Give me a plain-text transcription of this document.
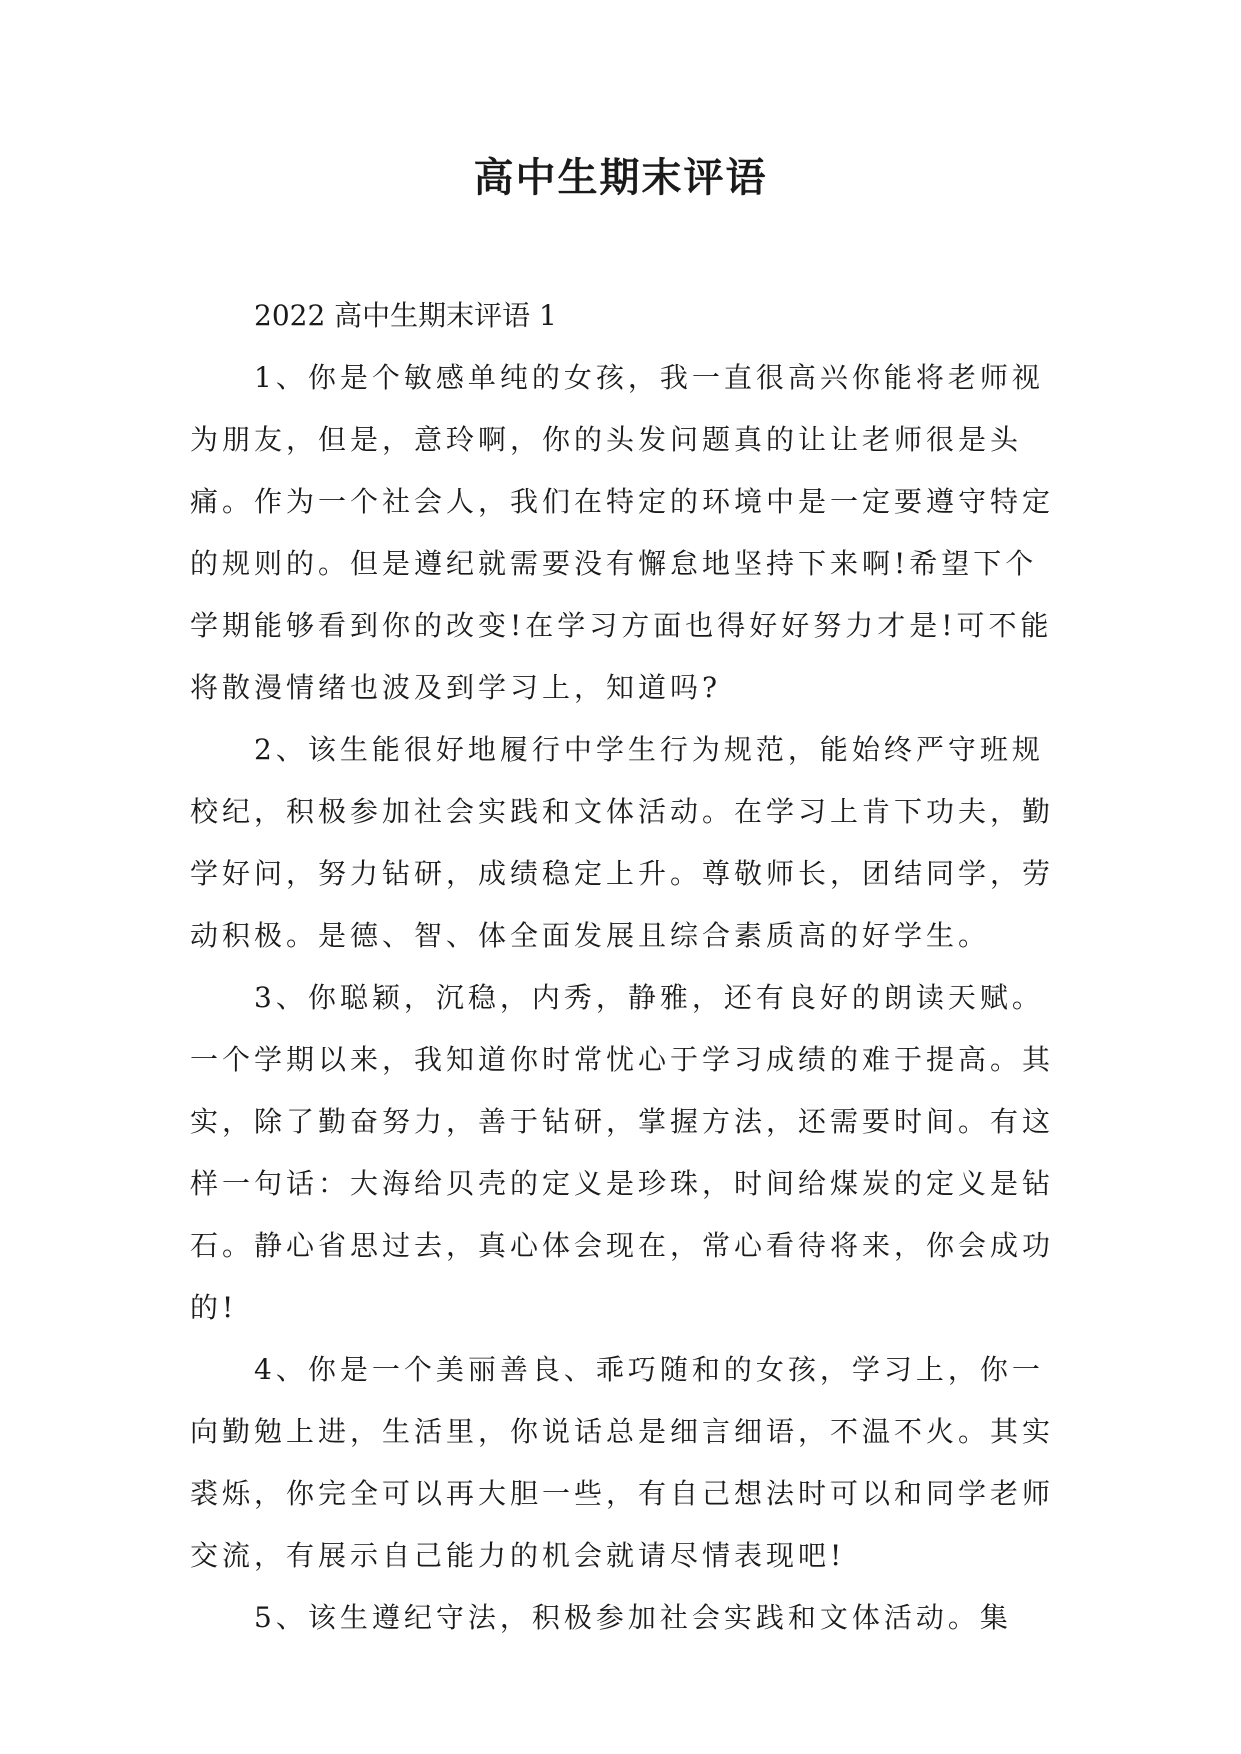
高中生期末评语

2022 高中生期末评语 1

1、你是个敏感单纯的女孩，我一直很高兴你能将老师视为朋友，但是，意玲啊，你的头发问题真的让让老师很是头痛。作为一个社会人，我们在特定的环境中是一定要遵守特定的规则的。但是遵纪就需要没有懈怠地坚持下来啊!希望下个学期能够看到你的改变!在学习方面也得好好努力才是!可不能将散漫情绪也波及到学习上，知道吗?

2、该生能很好地履行中学生行为规范，能始终严守班规校纪，积极参加社会实践和文体活动。在学习上肯下功夫，勤学好问，努力钻研，成绩稳定上升。尊敬师长，团结同学，劳动积极。是德、智、体全面发展且综合素质高的好学生。

3、你聪颖，沉稳，内秀，静雅，还有良好的朗读天赋。一个学期以来，我知道你时常忧心于学习成绩的难于提高。其实，除了勤奋努力，善于钻研，掌握方法，还需要时间。有这样一句话：大海给贝壳的定义是珍珠，时间给煤炭的定义是钻石。静心省思过去，真心体会现在，常心看待将来，你会成功的!

4、你是一个美丽善良、乖巧随和的女孩，学习上，你一向勤勉上进，生活里，你说话总是细言细语，不温不火。其实裘烁，你完全可以再大胆一些，有自己想法时可以和同学老师交流，有展示自己能力的机会就请尽情表现吧!

5、该生遵纪守法，积极参加社会实践和文体活动。集
